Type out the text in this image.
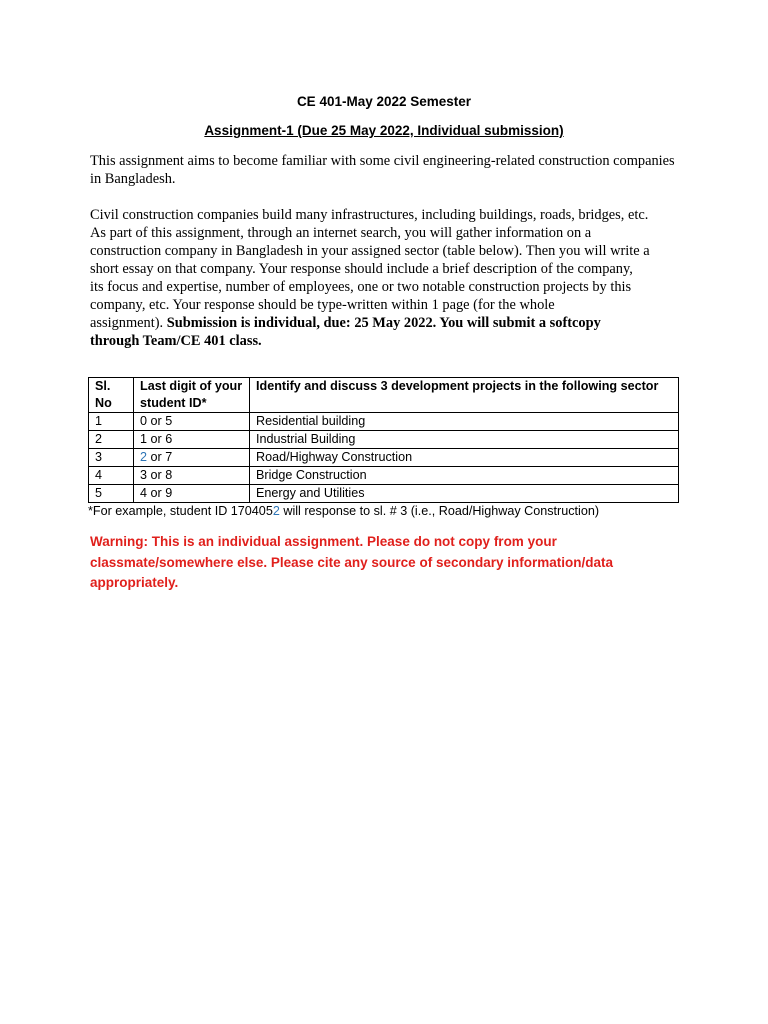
CE 401-May 2022 Semester
Assignment-1 (Due 25 May 2022, Individual submission)
This assignment aims to become familiar with some civil engineering-related construction companies in Bangladesh.
Civil construction companies build many infrastructures, including buildings, roads, bridges, etc.
As part of this assignment, through an internet search, you will gather information on a
construction company in Bangladesh in your assigned sector (table below). Then you will write a
short essay on that company. Your response should include a brief description of the company,
its focus and expertise, number of employees, one or two notable construction projects by this
company, etc. Your response should be type-written within 1 page (for the whole
assignment). Submission is individual, due: 25 May 2022. You will submit a softcopy
through Team/CE 401 class.
Sl. No	Last digit of your student ID*	Identify and discuss 3 development projects in the following sector
1	0 or 5	Residential building
2	1 or 6	Industrial Building
3	2 or 7	Road/Highway Construction
4	3 or 8	Bridge Construction
5	4 or 9	Energy and Utilities
*For example, student ID 1704052 will response to sl. # 3 (i.e., Road/Highway Construction)
Warning: This is an individual assignment. Please do not copy from your
classmate/somewhere else. Please cite any source of secondary information/data
appropriately.
